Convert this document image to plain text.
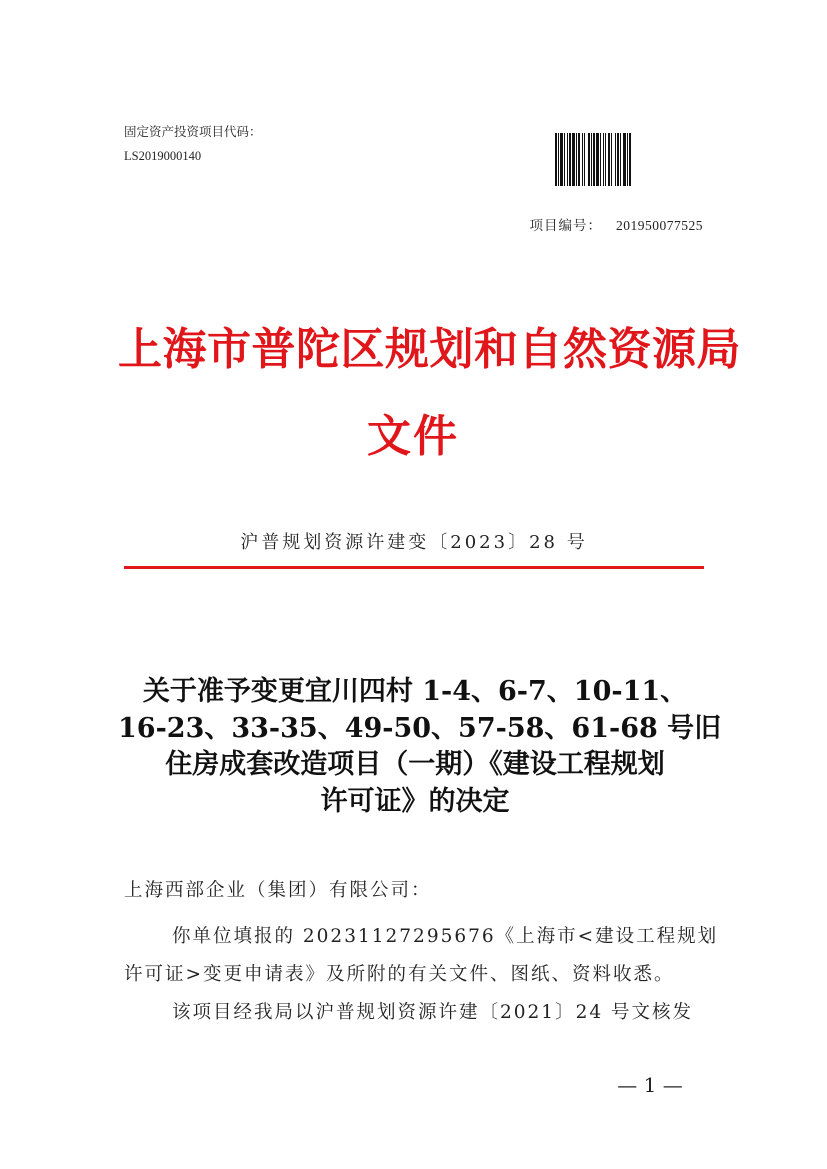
固定资产投资项目代码：
LS2019000140
项目编号： 201950077525
上海市普陀区规划和自然资源局
文件
沪普规划资源许建变〔2023〕28 号
关于准予变更宜川四村 1-4、6-7、10-11、
16-23、33-35、49-50、57-58、61-68 号旧
住房成套改造项目（一期）《建设工程规划
许可证》的决定
上海西部企业（集团）有限公司：
你单位填报的 20231127295676《上海市<建设工程规划
许可证>变更申请表》及所附的有关文件、图纸、资料收悉。
该项目经我局以沪普规划资源许建〔2021〕24 号文核发
— 1 —
